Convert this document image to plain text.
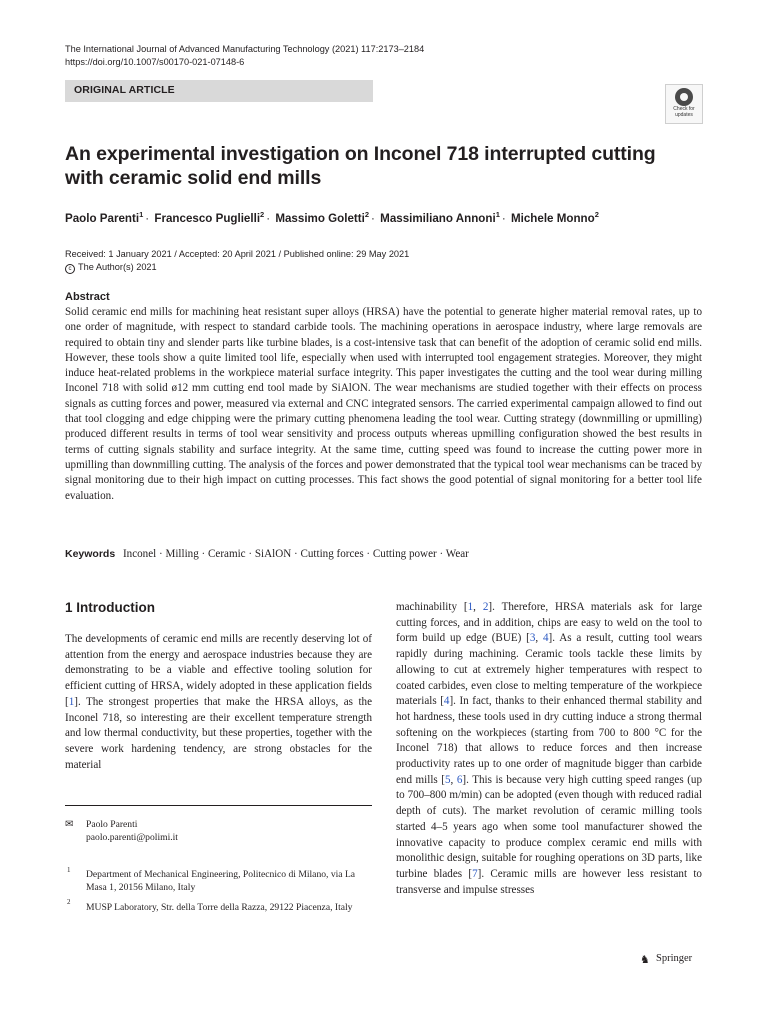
The International Journal of Advanced Manufacturing Technology (2021) 117:2173–2184
https://doi.org/10.1007/s00170-021-07148-6
ORIGINAL ARTICLE
Check for updates
An experimental investigation on Inconel 718 interrupted cutting with ceramic solid end mills
Paolo Parenti$^1$ · Francesco Puglielli$^2$ · Massimo Goletti$^2$ · Massimiliano Annoni$^1$ · Michele Monno$^2$
Received: 1 January 2021 / Accepted: 20 April 2021 / Published online: 29 May 2021
c The Author(s) 2021
Abstract
Solid ceramic end mills for machining heat resistant super alloys (HRSA) have the potential to generate higher material removal rates, up to one order of magnitude, with respect to standard carbide tools. The machining operations in aerospace industry, where large removals are required to obtain tiny and slender parts like turbine blades, is a cost-intensive task that can benefit of the adoption of ceramic solid end mills. However, these tools show a quite limited tool life, especially when used with interrupted tool engagement strategies. Moreover, they might induce heat-related problems in the workpiece material surface integrity. This paper investigates the cutting and the tool wear during milling Inconel 718 with solid ø12 mm cutting end tool made by SiAlON. The wear mechanisms are studied together with their effects on process signals as cutting forces and power, measured via external and CNC integrated sensors. The carried experimental campaign allowed to find out that tool clogging and edge chipping were the primary cutting phenomena leading the tool wear. Cutting strategy (downmilling or upmilling) produced different results in terms of tool wear sensitivity and process outputs whereas upmilling configuration showed the best results in terms of cutting signals stability and surface integrity. At the same time, cutting speed was found to increase the cutting power more in upmilling than downmilling cutting. The analysis of the forces and power demonstrated that the typical tool wear mechanisms can be traced by signal monitoring due to their high impact on cutting processes. This fact shows the good potential of signal monitoring for a better tool life evaluation.
Keywords Inconel · Milling · Ceramic · SiAlON · Cutting forces · Cutting power · Wear
1 Introduction
The developments of ceramic end mills are recently deserving lot of attention from the energy and aerospace industries because they are demonstrating to be a viable and effective tooling solution for efficient cutting of HRSA, widely adopted in these application fields [1]. The strongest properties that make the HRSA alloys, as the Inconel 718, so interesting are their excellent temperature strength and low thermal conductivity, but these properties, together with the severe work hardening tendency, are strong obstacles for the material
machinability [1, 2]. Therefore, HRSA materials ask for large cutting forces, and in addition, chips are easy to weld on the tool to form build up edge (BUE) [3, 4]. As a result, cutting tool wears rapidly during machining. Ceramic tools tackle these limits by allowing to cut at extremely higher temperatures with respect to coated carbides, even close to melting temperature of the workpiece materials [4]. In fact, thanks to their enhanced thermal stability and hot hardness, these tools used in dry cutting induce a strong thermal softening on the workpieces (starting from 700 to 800 °C for the Inconel 718) that allows to reduce forces and then increase productivity rates up to one order of magnitude bigger than carbide end mills [5, 6]. This is because very high cutting speed ranges (up to 700–800 m/min) can be adopted (even though with reduced radial depth of cuts). The market revolution of ceramic milling tools started 4–5 years ago when some tool manufacturer showed the innovative capacity to produce complex ceramic end mills with monolithic design, suitable for roughing operations on 3D parts, like turbine blades [7]. Ceramic mills are however less resistant to transverse and impulse stresses
✉ Paolo Parenti
paolo.parenti@polimi.it
1 Department of Mechanical Engineering, Politecnico di Milano, via La Masa 1, 20156 Milano, Italy
2 MUSP Laboratory, Str. della Torre della Razza, 29122 Piacenza, Italy
♞ Springer
